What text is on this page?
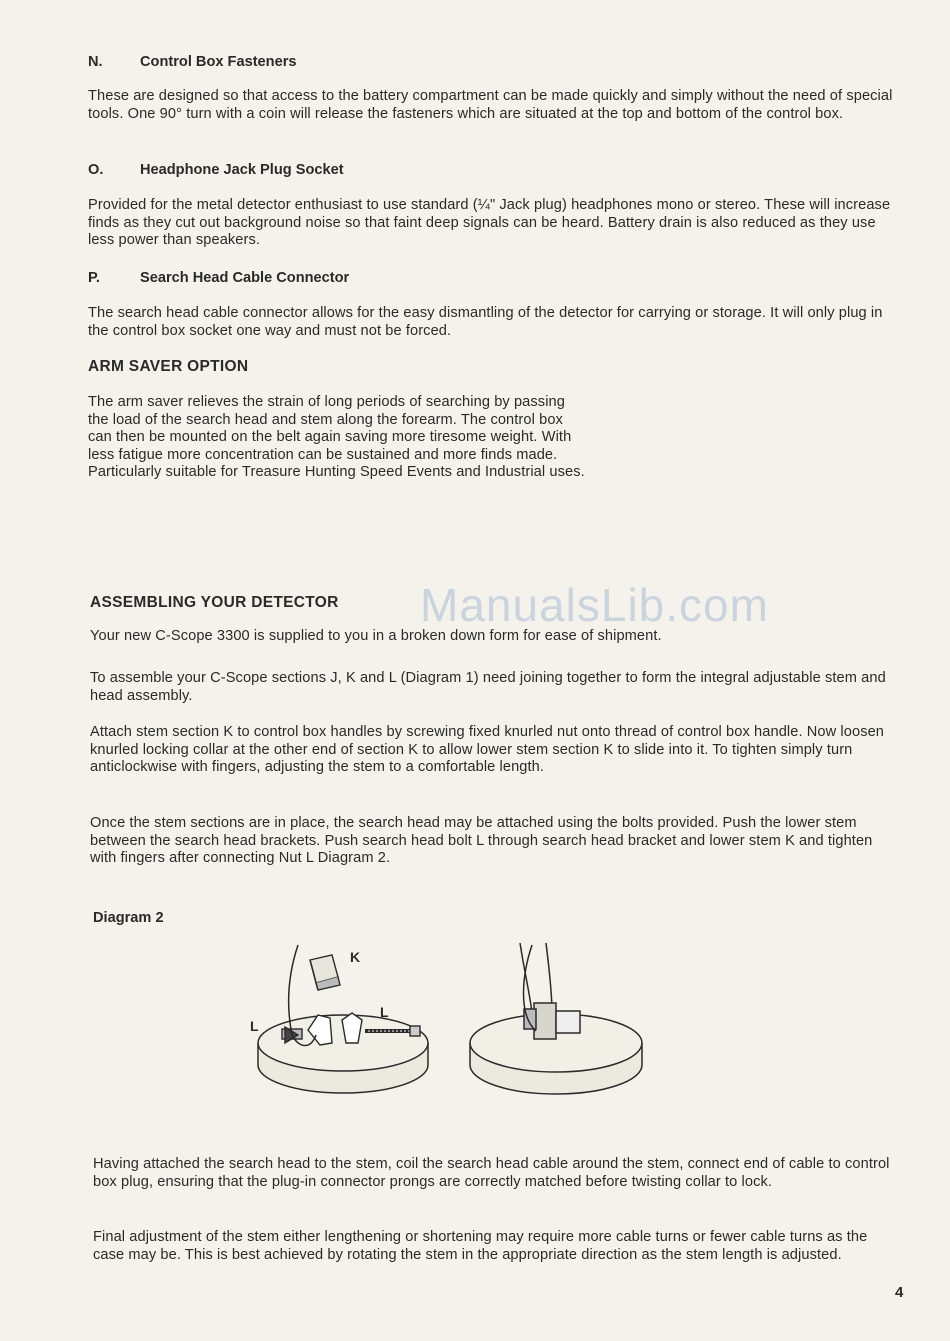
N.	Control Box Fasteners

These are designed so that access to the battery compartment can be made quickly and simply without the need of special tools. One 90° turn with a coin will release the fasteners which are situated at the top and bottom of the control box.

O.	Headphone Jack Plug Socket

Provided for the metal detector enthusiast to use standard (¼" Jack plug) headphones mono or stereo. These will increase finds as they cut out background noise so that faint deep signals can be heard. Battery drain is also reduced as they use less power than speakers.

P.	Search Head Cable Connector

The search head cable connector allows for the easy dismantling of the detector for carrying or storage. It will only plug in the control box socket one way and must not be forced.

ARM SAVER OPTION

The arm saver relieves the strain of long periods of searching by passing the load of the search head and stem along the forearm. The control box can then be mounted on the belt again saving more tiresome weight. With less fatigue more concentration can be sustained and more finds made. Particularly suitable for Treasure Hunting Speed Events and Industrial uses.

ASSEMBLING YOUR DETECTOR

Your new C-Scope 3300 is supplied to you in a broken down form for ease of shipment.

To assemble your C-Scope sections J, K and L (Diagram 1) need joining together to form the integral adjustable stem and head assembly.

Attach stem section K to control box handles by screwing fixed knurled nut onto thread of control box handle. Now loosen knurled locking collar at the other end of section K to allow lower stem section K to slide into it. To tighten simply turn anticlockwise with fingers, adjusting the stem to a comfortable length.

Once the stem sections are in place, the search head may be attached using the bolts provided. Push the lower stem between the search head brackets. Push search head bolt L through search head bracket and lower stem K and tighten with fingers after connecting Nut L Diagram 2.

Diagram 2
K
L
L

Having attached the search head to the stem, coil the search head cable around the stem, connect end of cable to control box plug, ensuring that the plug-in connector prongs are correctly matched before twisting collar to lock.

Final adjustment of the stem either lengthening or shortening may require more cable turns or fewer cable turns as the case may be. This is best achieved by rotating the stem in the appropriate direction as the stem length is adjusted.

ManualsLib.com
4
